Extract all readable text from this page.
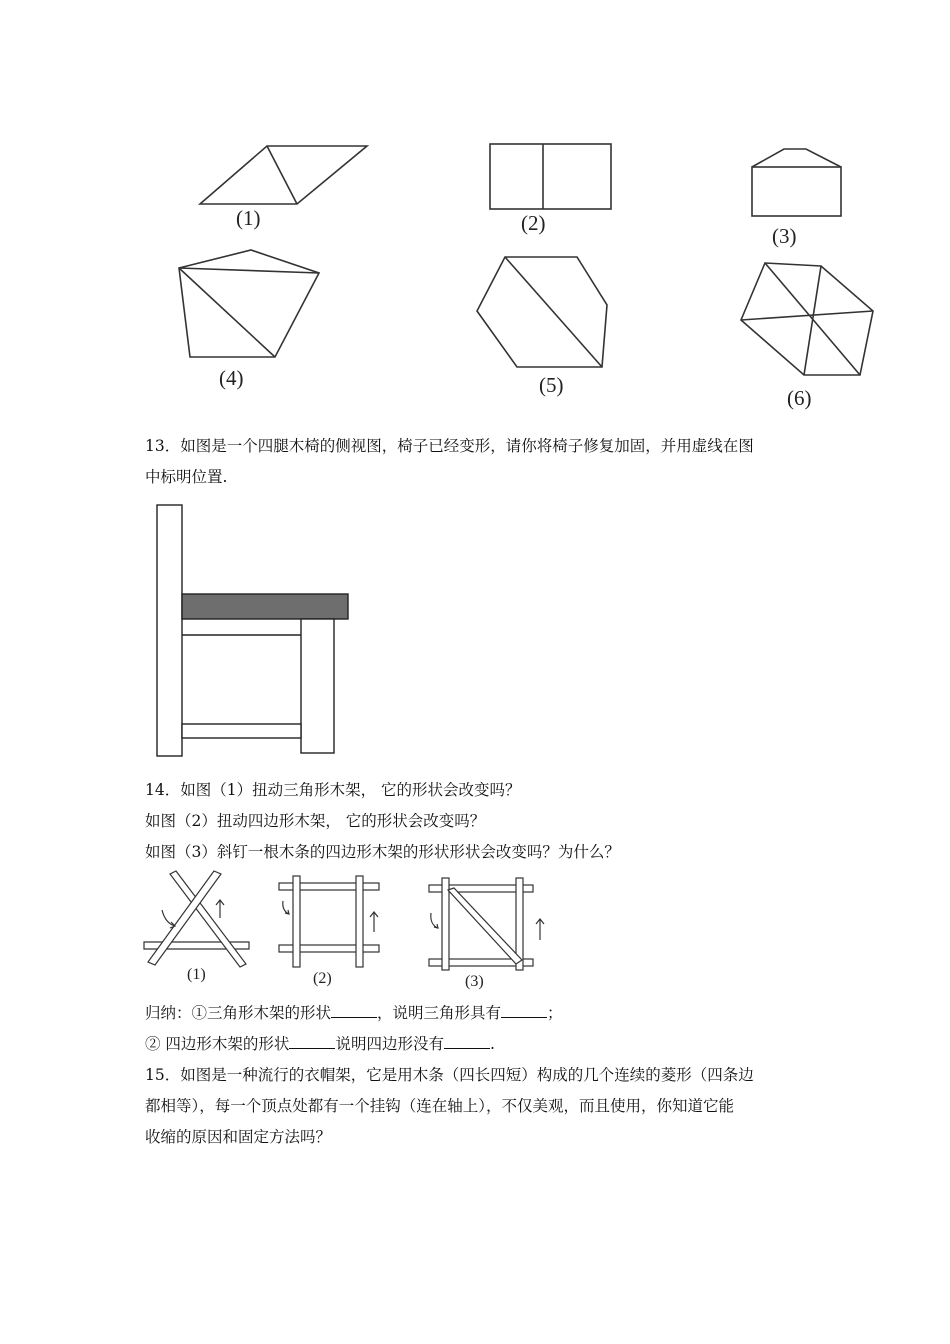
(1)	(2)
(3)
(4)	(5)
(6)
13．如图是一个四腿木椅的侧视图，椅子已经变形，请你将椅子修复加固，并用虚线在图
中标明位置.
14．如图（1）扭动三角形木架， 它的形状会改变吗？
如图（2）扭动四边形木架， 它的形状会改变吗？
如图（3）斜钉一根木条的四边形木架的形状形状会改变吗？为什么？
(1)	(2)	(3)
归纳：①三角形木架的形状	，说明三角形具有	；
② 四边形木架的形状	说明四边形没有	.
15．如图是一种流行的衣帽架，它是用木条（四长四短）构成的几个连续的菱形（四条边
都相等），每一个顶点处都有一个挂钩（连在轴上），不仅美观，而且使用，你知道它能
收缩的原因和固定方法吗？
